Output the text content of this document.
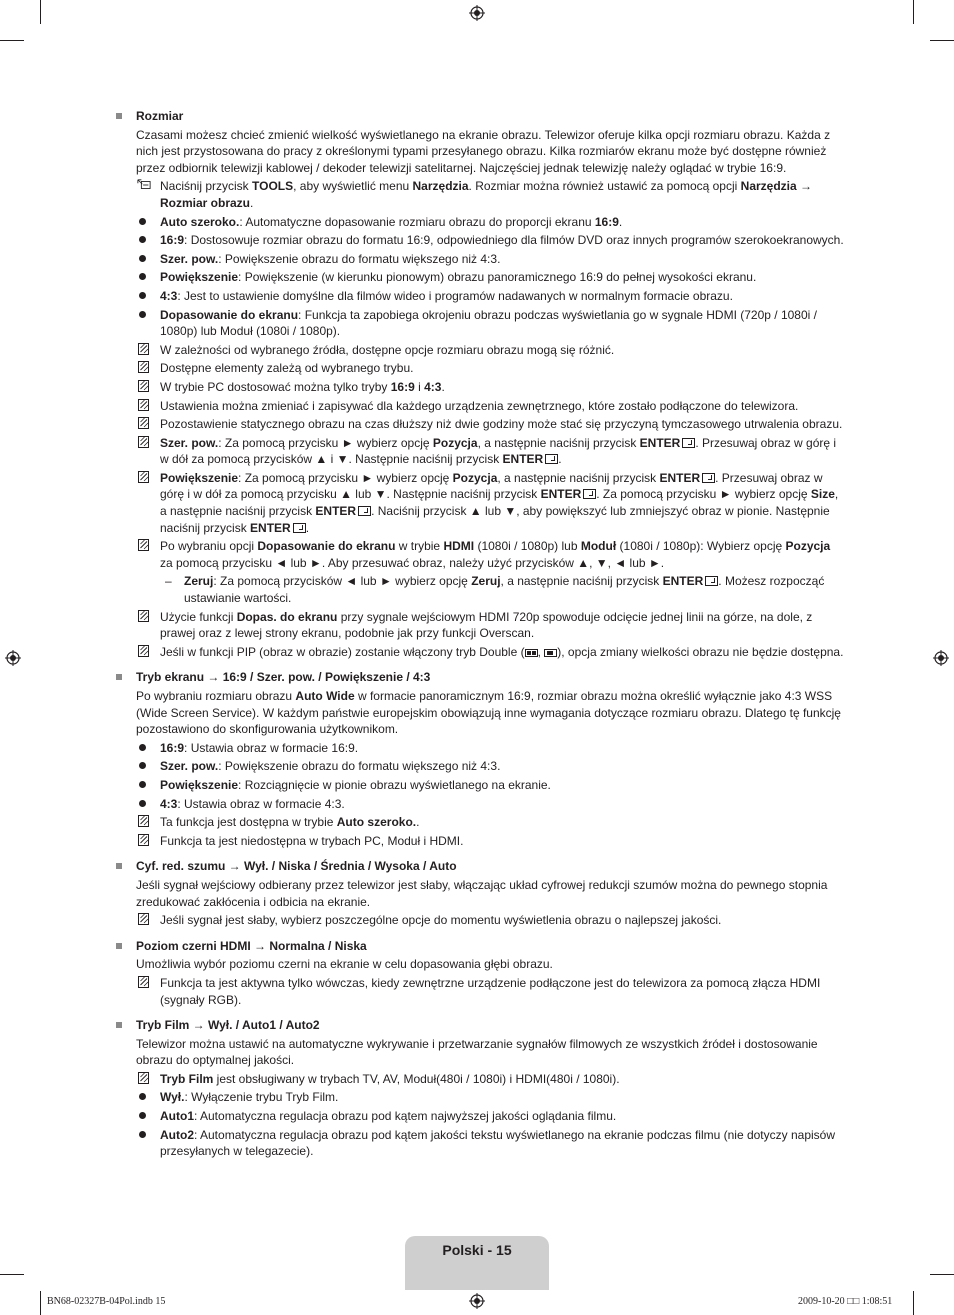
Rozmiar
Czasami możesz chcieć zmienić wielkość wyświetlanego na ekranie obrazu. Telewizor oferuje kilka opcji rozmiaru obrazu. Każda z nich jest przystosowana do pracy z określonymi typami przesyłanego obrazu. Kilka rozmiarów ekranu może być dostępne również przez odbiornik telewizji kablowej / dekoder telewizji satelitarnej. Najczęściej jednak telewizję należy oglądać w trybie 16:9.
Naciśnij przycisk TOOLS, aby wyświetlić menu Narzędzia. Rozmiar można również ustawić za pomocą opcji Narzędzia → Rozmiar obrazu.
Auto szeroko.: Automatyczne dopasowanie rozmiaru obrazu do proporcji ekranu 16:9.
16:9: Dostosowuje rozmiar obrazu do formatu 16:9, odpowiedniego dla filmów DVD oraz innych programów szerokoekranowych.
Szer. pow.: Powiększenie obrazu do formatu większego niż 4:3.
Powiększenie: Powiększenie (w kierunku pionowym) obrazu panoramicznego 16:9 do pełnej wysokości ekranu.
4:3: Jest to ustawienie domyślne dla filmów wideo i programów nadawanych w normalnym formacie obrazu.
Dopasowanie do ekranu: Funkcja ta zapobiega okrojeniu obrazu podczas wyświetlania go w sygnale HDMI (720p / 1080i / 1080p) lub Moduł (1080i / 1080p).
W zależności od wybranego źródła, dostępne opcje rozmiaru obrazu mogą się różnić.
Dostępne elementy zależą od wybranego trybu.
W trybie PC dostosować można tylko tryby 16:9 i 4:3.
Ustawienia można zmieniać i zapisywać dla każdego urządzenia zewnętrznego, które zostało podłączone do telewizora.
Pozostawienie statycznego obrazu na czas dłuższy niż dwie godziny może stać się przyczyną tymczasowego utrwalenia obrazu.
Szer. pow.: Za pomocą przycisku ► wybierz opcję Pozycja, a następnie naciśnij przycisk ENTER . Przesuwaj obraz w górę i w dół za pomocą przycisków ▲ i ▼. Następnie naciśnij przycisk ENTER .
Powiększenie: Za pomocą przycisku ► wybierz opcję Pozycja, a następnie naciśnij przycisk ENTER . Przesuwaj obraz w górę i w dół za pomocą przycisku ▲ lub ▼. Następnie naciśnij przycisk ENTER . Za pomocą przycisku ► wybierz opcję Size, a następnie naciśnij przycisk ENTER . Naciśnij przycisk ▲ lub ▼, aby powiększyć lub zmniejszyć obraz w pionie. Następnie naciśnij przycisk ENTER .
Po wybraniu opcji Dopasowanie do ekranu w trybie HDMI (1080i / 1080p) lub Moduł (1080i / 1080p): Wybierz opcję Pozycja za pomocą przycisku ◄ lub ►. Aby przesuwać obraz, należy użyć przycisków ▲, ▼, ◄ lub ►.
– Zeruj: Za pomocą przycisków ◄ lub ► wybierz opcję Zeruj, a następnie naciśnij przycisk ENTER . Możesz rozpocząć ustawianie wartości.
Użycie funkcji Dopas. do ekranu przy sygnale wejściowym HDMI 720p spowoduje odcięcie jednej linii na górze, na dole, z prawej oraz z lewej strony ekranu, podobnie jak przy funkcji Overscan.
Jeśli w funkcji PIP (obraz w obrazie) zostanie włączony tryb Double ( ,
), opcja zmiany wielkości obrazu nie będzie dostępna.
Tryb ekranu → 16:9 / Szer. pow. / Powiększenie / 4:3
Po wybraniu rozmiaru obrazu Auto Wide w formacie panoramicznym 16:9, rozmiar obrazu można określić wyłącznie jako 4:3 WSS (Wide Screen Service). W każdym państwie europejskim obowiązują inne wymagania dotyczące rozmiaru obrazu. Dlatego tę funkcję pozostawiono do skonfigurowania użytkownikom.
16:9: Ustawia obraz w formacie 16:9.
Szer. pow.: Powiększenie obrazu do formatu większego niż 4:3.
Powiększenie: Rozciągnięcie w pionie obrazu wyświetlanego na ekranie.
4:3: Ustawia obraz w formacie 4:3.
Ta funkcja jest dostępna w trybie Auto szeroko..
Funkcja ta jest niedostępna w trybach PC, Moduł i HDMI.
Cyf. red. szumu → Wył. / Niska / Średnia / Wysoka / Auto
Jeśli sygnał wejściowy odbierany przez telewizor jest słaby, włączając układ cyfrowej redukcji szumów można do pewnego stopnia zredukować zakłócenia i odbicia na ekranie.
Jeśli sygnał jest słaby, wybierz poszczególne opcje do momentu wyświetlenia obrazu o najlepszej jakości.
Poziom czerni HDMI → Normalna / Niska
Umożliwia wybór poziomu czerni na ekranie w celu dopasowania głębi obrazu.
Funkcja ta jest aktywna tylko wówczas, kiedy zewnętrzne urządzenie podłączone jest do telewizora za pomocą złącza HDMI (sygnały RGB).
Tryb Film → Wył. / Auto1 / Auto2
Telewizor można ustawić na automatyczne wykrywanie i przetwarzanie sygnałów filmowych ze wszystkich źródeł i dostosowanie obrazu do optymalnej jakości.
Tryb Film jest obsługiwany w trybach TV, AV, Moduł(480i / 1080i) i HDMI(480i / 1080i).
Wył.: Wyłączenie trybu Tryb Film.
Auto1: Automatyczna regulacja obrazu pod kątem najwyższej jakości oglądania filmu.
Auto2: Automatyczna regulacja obrazu pod kątem jakości tekstu wyświetlanego na ekranie podczas filmu (nie dotyczy napisów przesyłanych w telegazecie).
Polski - 15
BN68-02327B-04Pol.indb 15	2009-10-20 □□ 1:08:51
